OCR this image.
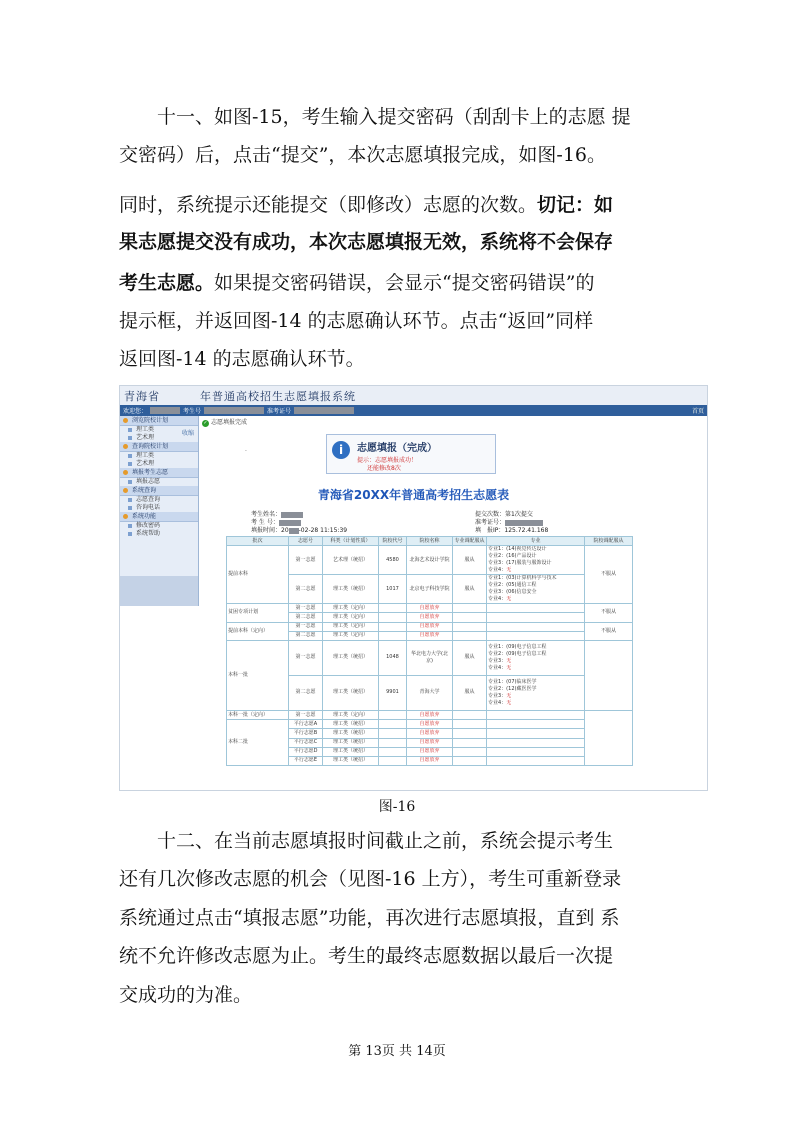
  十一、如图-15，考生输入提交密码（刮刮卡上的志愿 提

交密码）后，点击“提交”，本次志愿填报完成，如图-16。

同时，系统提示还能提交（即修改）志愿的次数。切记：如

果志愿提交没有成功，本次志愿填报无效，系统将不会保存

考生志愿。如果提交密码错误，会显示“提交密码错误”的

提示框，并返回图-14 的志愿确认环节。点击“返回”同样

返回图-14 的志愿确认环节。

青海省	年普通高校招生志愿填报系统
欢迎您：	考生号	准考证号	首页
收缩
浏览院校计划
理工类
艺术理
查询院校计划
理工类
艺术理
填报考生志愿
填报志愿
系统查询
志愿查询
咨询电话
系统功能
修改密码
系统帮助
✓ 志愿填报完成
·	i	志愿填报（完成）
提示：志愿填报成功！
还能修改8次
青海省20XX年普通高考招生志愿表
考生姓名：
考 生 号：
填报时间：20 -02-28 11:15:39
提交次数：第1次提交
准考证号：
填　报IP：125.72.41.168
批次	志愿号	科类（计划性质）	院校代号	院校名称	专业调配服从	专业	院校调配服从
提前本科	第一志愿	艺术理（统招）	4580	北海艺术设计学院	服从	专业1：(14)视觉传达设计
专业2：(16)产品设计
专业3：(17)服装与服饰设计
专业4：无	不服从
	第二志愿	理工类（统招）	1017	北京电子科技学院	服从	专业1：(03)计算机科学与技术
专业2：(05)通信工程
专业3：(06)信息安全
专业4：无	

贫困专项计划	第一志愿	理工类（定向）		自愿放弃			不服从
	第二志愿	理工类（定向）		自愿放弃			
提前本科（定向）	第一志愿	理工类（定向）		自愿放弃			不服从
	第二志愿	理工类（定向）		自愿放弃			
本科一批	第一志愿	理工类（统招）	1048	华北电力大学(北京)	服从	专业1：(09)电子信息工程
专业2：(09)电子信息工程
专业3：无
专业4：无	

	第二志愿	理工类（统招）	9901	青海大学	服从	专业1：(07)临床医学
专业2：(12)藏医医学
专业3：无
专业4：无	

本科一批（定向）	第一志愿	理工类（定向）		自愿放弃			
本科二批	平行志愿A	理工类（统招）		自愿放弃			
	平行志愿B	理工类（统招）		自愿放弃			
	平行志愿C	理工类（统招）		自愿放弃			
	平行志愿D	理工类（统招）		自愿放弃			
	平行志愿E	理工类（统招）		自愿放弃			
图-16

  十二、在当前志愿填报时间截止之前，系统会提示考生

还有几次修改志愿的机会（见图-16 上方），考生可重新登录

系统通过点击“填报志愿”功能，再次进行志愿填报，直到 系

统不允许修改志愿为止。考生的最终志愿数据以最后一次提

交成功的为准。

第 13页 共 14页
